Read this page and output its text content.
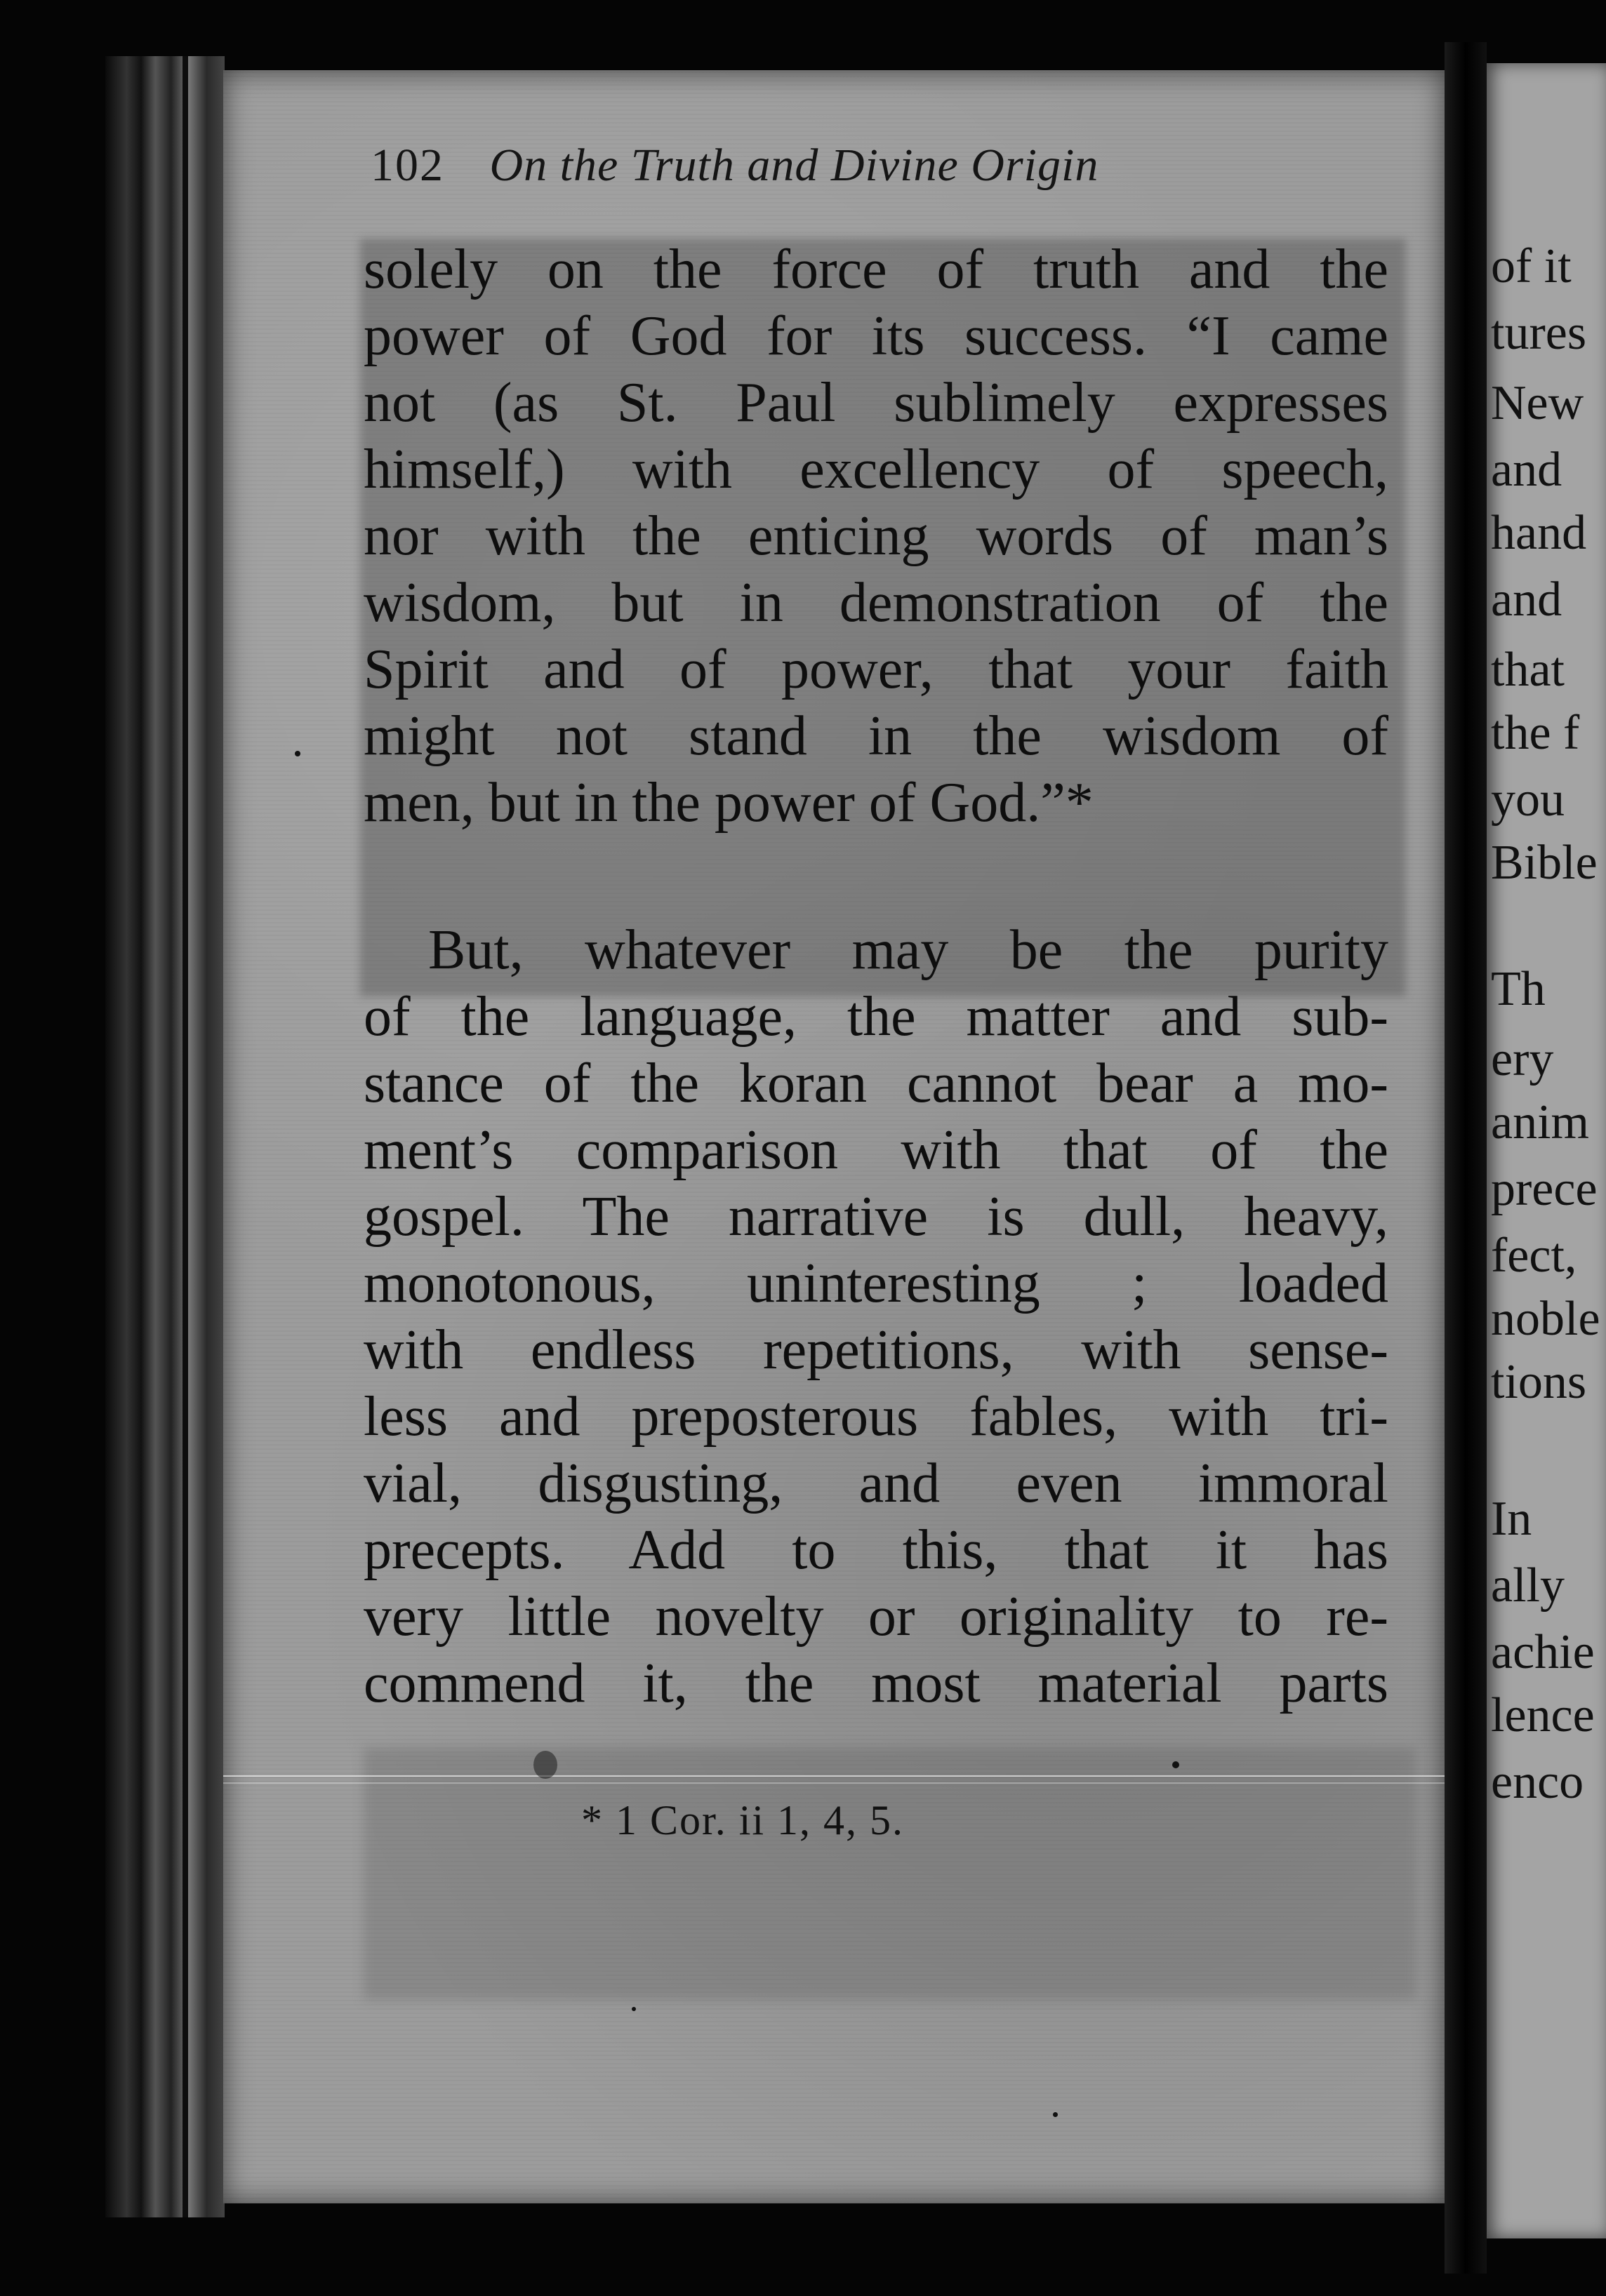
of it
tures
New
and
hand
and
that
the f
you
Bible
Th
ery
anim
prece
fect,
noble
tions
In
ally
achie
lence
enco
102 On the Truth and Divine Origin
solely on the force of truth and the
power of God for its success. “I came
not (as St. Paul sublimely expresses
himself,) with excellency of speech,
nor with the enticing words of man’s
wisdom, but in demonstration of the
Spirit and of power, that your faith
might not stand in the wisdom of
men, but in the power of God.”*
But, whatever may be the purity
of the language, the matter and sub-
stance of the koran cannot bear a mo-
ment’s comparison with that of the
gospel. The narrative is dull, heavy,
monotonous, uninteresting ; loaded
with endless repetitions, with sense-
less and preposterous fables, with tri-
vial, disgusting, and even immoral
precepts. Add to this, that it has
very little novelty or originality to re-
commend it, the most material parts
* 1 Cor. ii 1, 4, 5.
